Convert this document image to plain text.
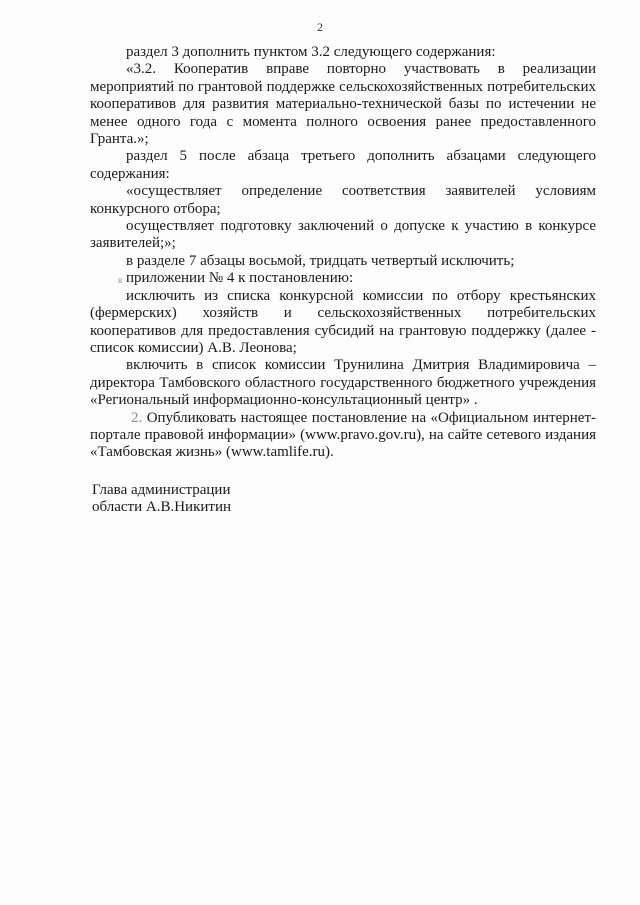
2

раздел 3 дополнить пунктом 3.2 следующего содержания:

«3.2. Кооператив вправе повторно участвовать в реализации мероприятий по грантовой поддержке сельскохозяйственных потребительских кооперативов для развития материально-технической базы по истечении не менее одного года с момента полного освоения ранее предоставленного Гранта.»;

раздел 5 после абзаца третьего дополнить абзацами следующего содержания:

«осуществляет определение соответствия заявителей условиям конкурсного отбора;

осуществляет подготовку заключений о допуске к участию в конкурсе заявителей;»;

в разделе 7 абзацы восьмой, тридцать четвертый исключить;

приложении № 4 к постановлению:

исключить из списка конкурсной комиссии по отбору крестьянских (фермерских) хозяйств и сельскохозяйственных потребительских кооперативов для предоставления субсидий на грантовую поддержку (далее - список комиссии) А.В. Леонова;

включить в список комиссии Трунилина Дмитрия Владимировича – директора Тамбовского областного государственного бюджетного учреждения «Региональный информационно-консультационный центр» .

2. Опубликовать настоящее постановление на «Официальном интернет-портале правовой информации» (www.pravo.gov.ru), на сайте сетевого издания «Тамбовская жизнь» (www.tamlife.ru).

в

Глава администрации

области А.В.Никитин
